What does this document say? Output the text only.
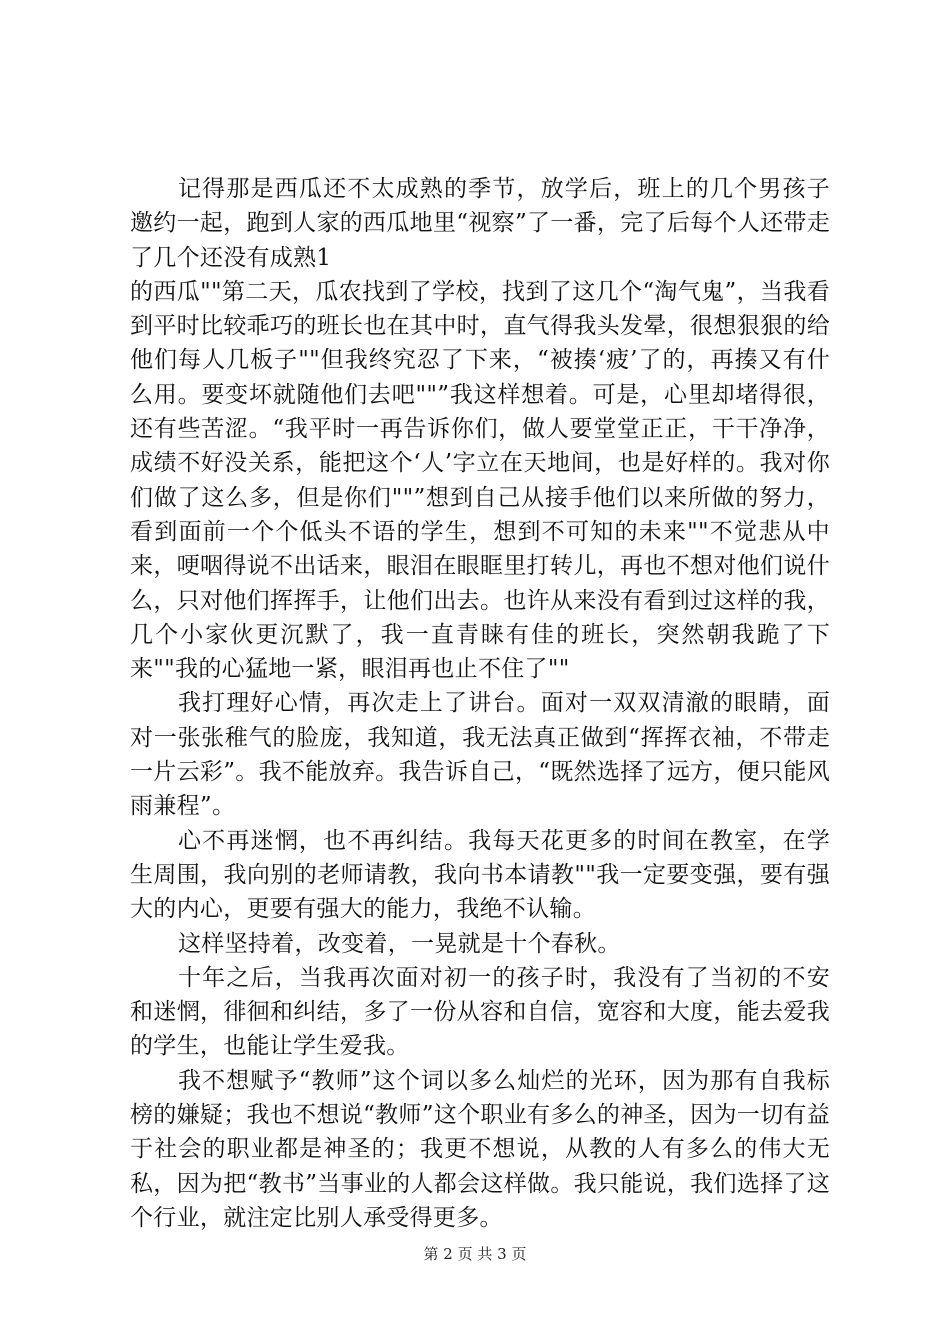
记得那是西瓜还不太成熟的季节，放学后，班上的几个男孩子邀约一起，跑到人家的西瓜地里“视察”了一番，完了后每个人还带走了几个还没有成熟1

的西瓜""第二天，瓜农找到了学校，找到了这几个“淘气鬼”，当我看到平时比较乖巧的班长也在其中时，直气得我头发晕，很想狠狠的给他们每人几板子""但我终究忍了下来，“被揍‘疲’了的，再揍又有什么用。要变坏就随他们去吧""”我这样想着。可是，心里却堵得很，还有些苦涩。“我平时一再告诉你们，做人要堂堂正正，干干净净，成绩不好没关系，能把这个‘人’字立在天地间，也是好样的。我对你们做了这么多，但是你们""”想到自己从接手他们以来所做的努力，看到面前一个个低头不语的学生，想到不可知的未来""不觉悲从中来，哽咽得说不出话来，眼泪在眼眶里打转儿，再也不想对他们说什么，只对他们挥挥手，让他们出去。也许从来没有看到过这样的我，几个小家伙更沉默了，我一直青睐有佳的班长，突然朝我跪了下来""我的心猛地一紧，眼泪再也止不住了""

我打理好心情，再次走上了讲台。面对一双双清澈的眼睛，面对一张张稚气的脸庞，我知道，我无法真正做到“挥挥衣袖，不带走一片云彩”。我不能放弃。我告诉自己，“既然选择了远方，便只能风雨兼程”。

心不再迷惘，也不再纠结。我每天花更多的时间在教室，在学生周围，我向别的老师请教，我向书本请教""我一定要变强，要有强大的内心，更要有强大的能力，我绝不认输。

这样坚持着，改变着，一晃就是十个春秋。

十年之后，当我再次面对初一的孩子时，我没有了当初的不安和迷惘，徘徊和纠结，多了一份从容和自信，宽容和大度，能去爱我的学生，也能让学生爱我。

我不想赋予“教师”这个词以多么灿烂的光环，因为那有自我标榜的嫌疑；我也不想说“教师”这个职业有多么的神圣，因为一切有益于社会的职业都是神圣的；我更不想说，从教的人有多么的伟大无私，因为把“教书”当事业的人都会这样做。我只能说，我们选择了这个行业，就注定比别人承受得更多。

第 2 页 共 3 页
